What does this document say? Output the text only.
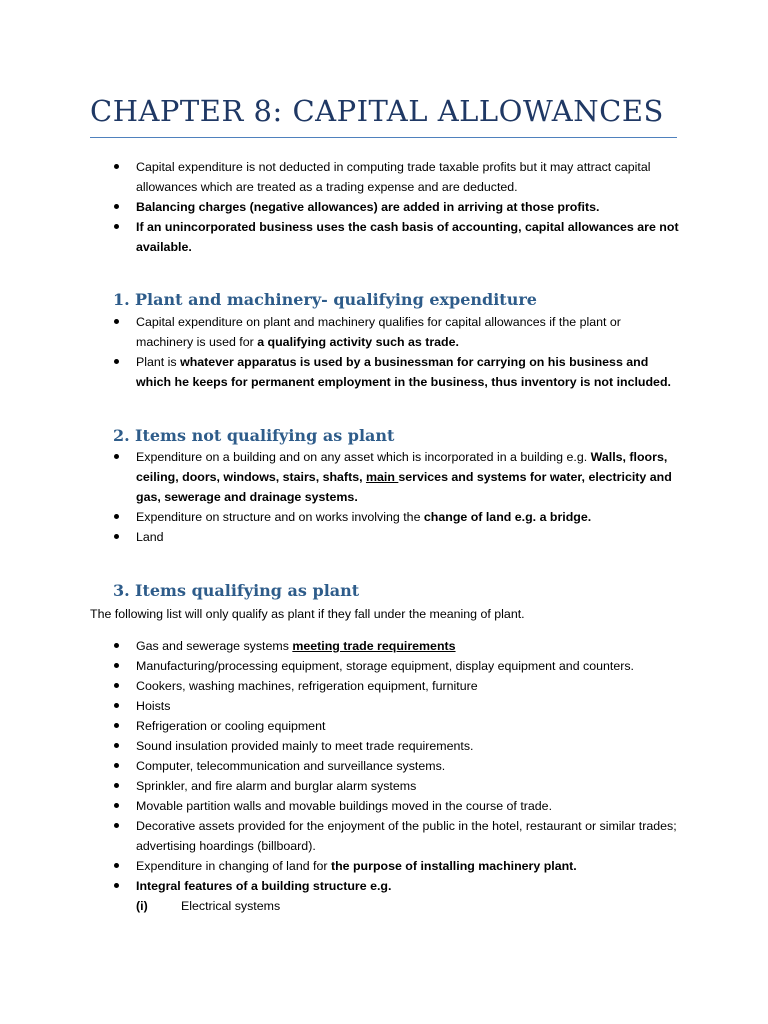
CHAPTER 8: CAPITAL ALLOWANCES
Capital expenditure is not deducted in computing trade taxable profits but it may attract capital allowances which are treated as a trading expense and are deducted.
Balancing charges (negative allowances) are added in arriving at those profits.
If an unincorporated business uses the cash basis of accounting, capital allowances are not available.
1. Plant and machinery- qualifying expenditure
Capital expenditure on plant and machinery qualifies for capital allowances if the plant or machinery is used for a qualifying activity such as trade.
Plant is whatever apparatus is used by a businessman for carrying on his business and which he keeps for permanent employment in the business, thus inventory is not included.
2. Items not qualifying as plant
Expenditure on a building and on any asset which is incorporated in a building e.g. Walls, floors, ceiling, doors, windows, stairs, shafts, main services and systems for water, electricity and gas, sewerage and drainage systems.
Expenditure on structure and on works involving the change of land e.g. a bridge.
Land
3. Items qualifying as plant
The following list will only qualify as plant if they fall under the meaning of plant.
Gas and sewerage systems meeting trade requirements
Manufacturing/processing equipment, storage equipment, display equipment and counters.
Cookers, washing machines, refrigeration equipment, furniture
Hoists
Refrigeration or cooling equipment
Sound insulation provided mainly to meet trade requirements.
Computer, telecommunication and surveillance systems.
Sprinkler, and fire alarm and burglar alarm systems
Movable partition walls and movable buildings moved in the course of trade.
Decorative assets provided for the enjoyment of the public in the hotel, restaurant or similar trades; advertising hoardings (billboard).
Expenditure in changing of land for the purpose of installing machinery plant.
Integral features of a building structure e.g.
(i)	Electrical systems
